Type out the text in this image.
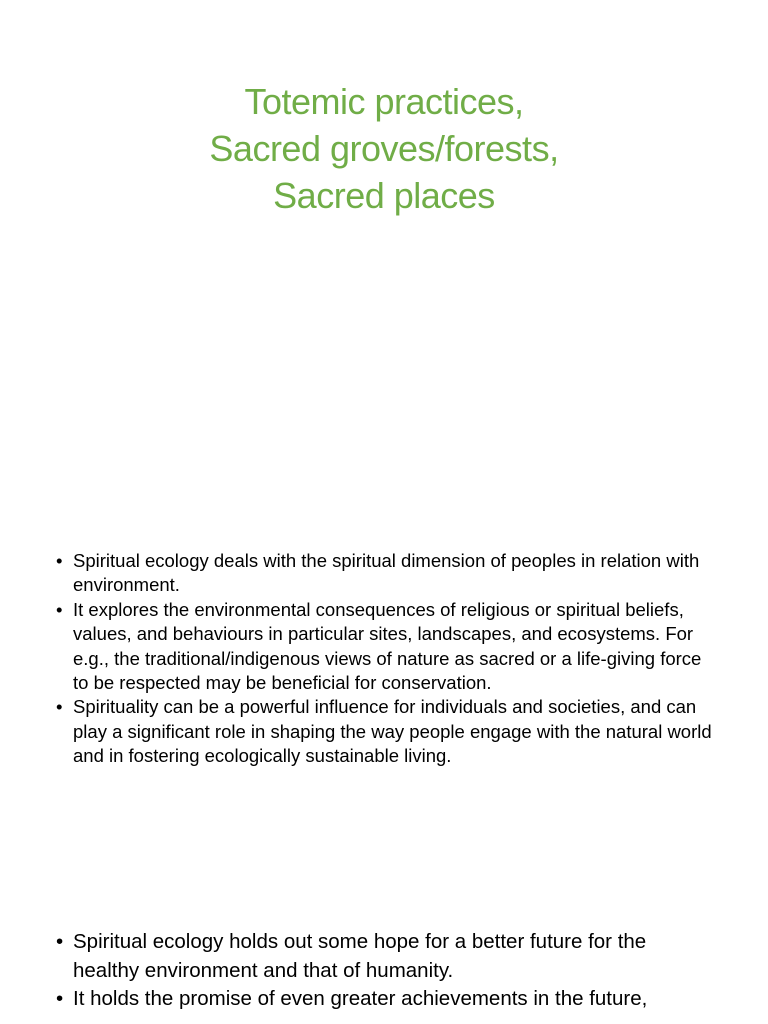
Totemic practices,
Sacred groves/forests,
Sacred places
• Spiritual ecology deals with the spiritual dimension of peoples in relation with environment.
• It explores the environmental consequences of religious or spiritual beliefs, values, and behaviours in particular sites, landscapes, and ecosystems. For e.g., the traditional/indigenous views of nature as sacred or a life-giving force to be respected may be beneficial for conservation.
• Spirituality can be a powerful influence for individuals and societies, and can play a significant role in shaping the way people engage with the natural world and in fostering ecologically sustainable living.
• Spiritual ecology holds out some hope for a better future for the healthy environment and that of humanity.
• It holds the promise of even greater achievements in the future,
